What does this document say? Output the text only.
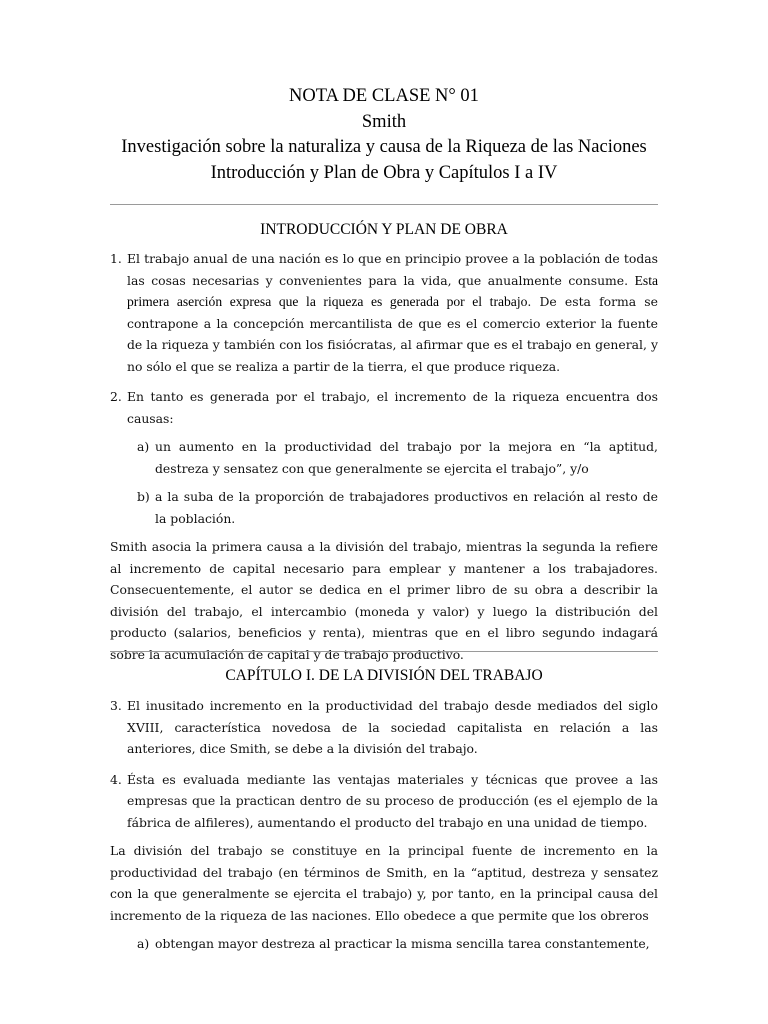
NOTA DE CLASE N° 01
Smith
Investigación sobre la naturaliza y causa de la Riqueza de las Naciones
Introducción y Plan de Obra y Capítulos I a IV
INTRODUCCIÓN Y PLAN DE OBRA
1. El trabajo anual de una nación es lo que en principio provee a la población de todas las cosas necesarias y convenientes para la vida, que anualmente consume. Esta primera aserción expresa que la riqueza es generada por el trabajo. De esta forma se contrapone a la concepción mercantilista de que es el comercio exterior la fuente de la riqueza y también con los fisiócratas, al afirmar que es el trabajo en general, y no sólo el que se realiza a partir de la tierra, el que produce riqueza.
2. En tanto es generada por el trabajo, el incremento de la riqueza encuentra dos causas:
a) un aumento en la productividad del trabajo por la mejora en “la aptitud, destreza y sensatez con que generalmente se ejercita el trabajo”, y/o
b) a la suba de la proporción de trabajadores productivos en relación al resto de la población.
Smith asocia la primera causa a la división del trabajo, mientras la segunda la refiere al incremento de capital necesario para emplear y mantener a los trabajadores. Consecuentemente, el autor se dedica en el primer libro de su obra a describir la división del trabajo, el intercambio (moneda y valor) y luego la distribución del producto (salarios, beneficios y renta), mientras que en el libro segundo indagará sobre la acumulación de capital y de trabajo productivo.
CAPÍTULO I. DE LA DIVISIÓN DEL TRABAJO
3. El inusitado incremento en la productividad del trabajo desde mediados del siglo XVIII, característica novedosa de la sociedad capitalista en relación a las anteriores, dice Smith, se debe a la división del trabajo.
4. Ésta es evaluada mediante las ventajas materiales y técnicas que provee a las empresas que la practican dentro de su proceso de producción (es el ejemplo de la fábrica de alfileres), aumentando el producto del trabajo en una unidad de tiempo.
La división del trabajo se constituye en la principal fuente de incremento en la productividad del trabajo (en términos de Smith, en la “aptitud, destreza y sensatez con la que generalmente se ejercita el trabajo) y, por tanto, en la principal causa del incremento de la riqueza de las naciones. Ello obedece a que permite que los obreros
a) obtengan mayor destreza al practicar la misma sencilla tarea constantemente,
